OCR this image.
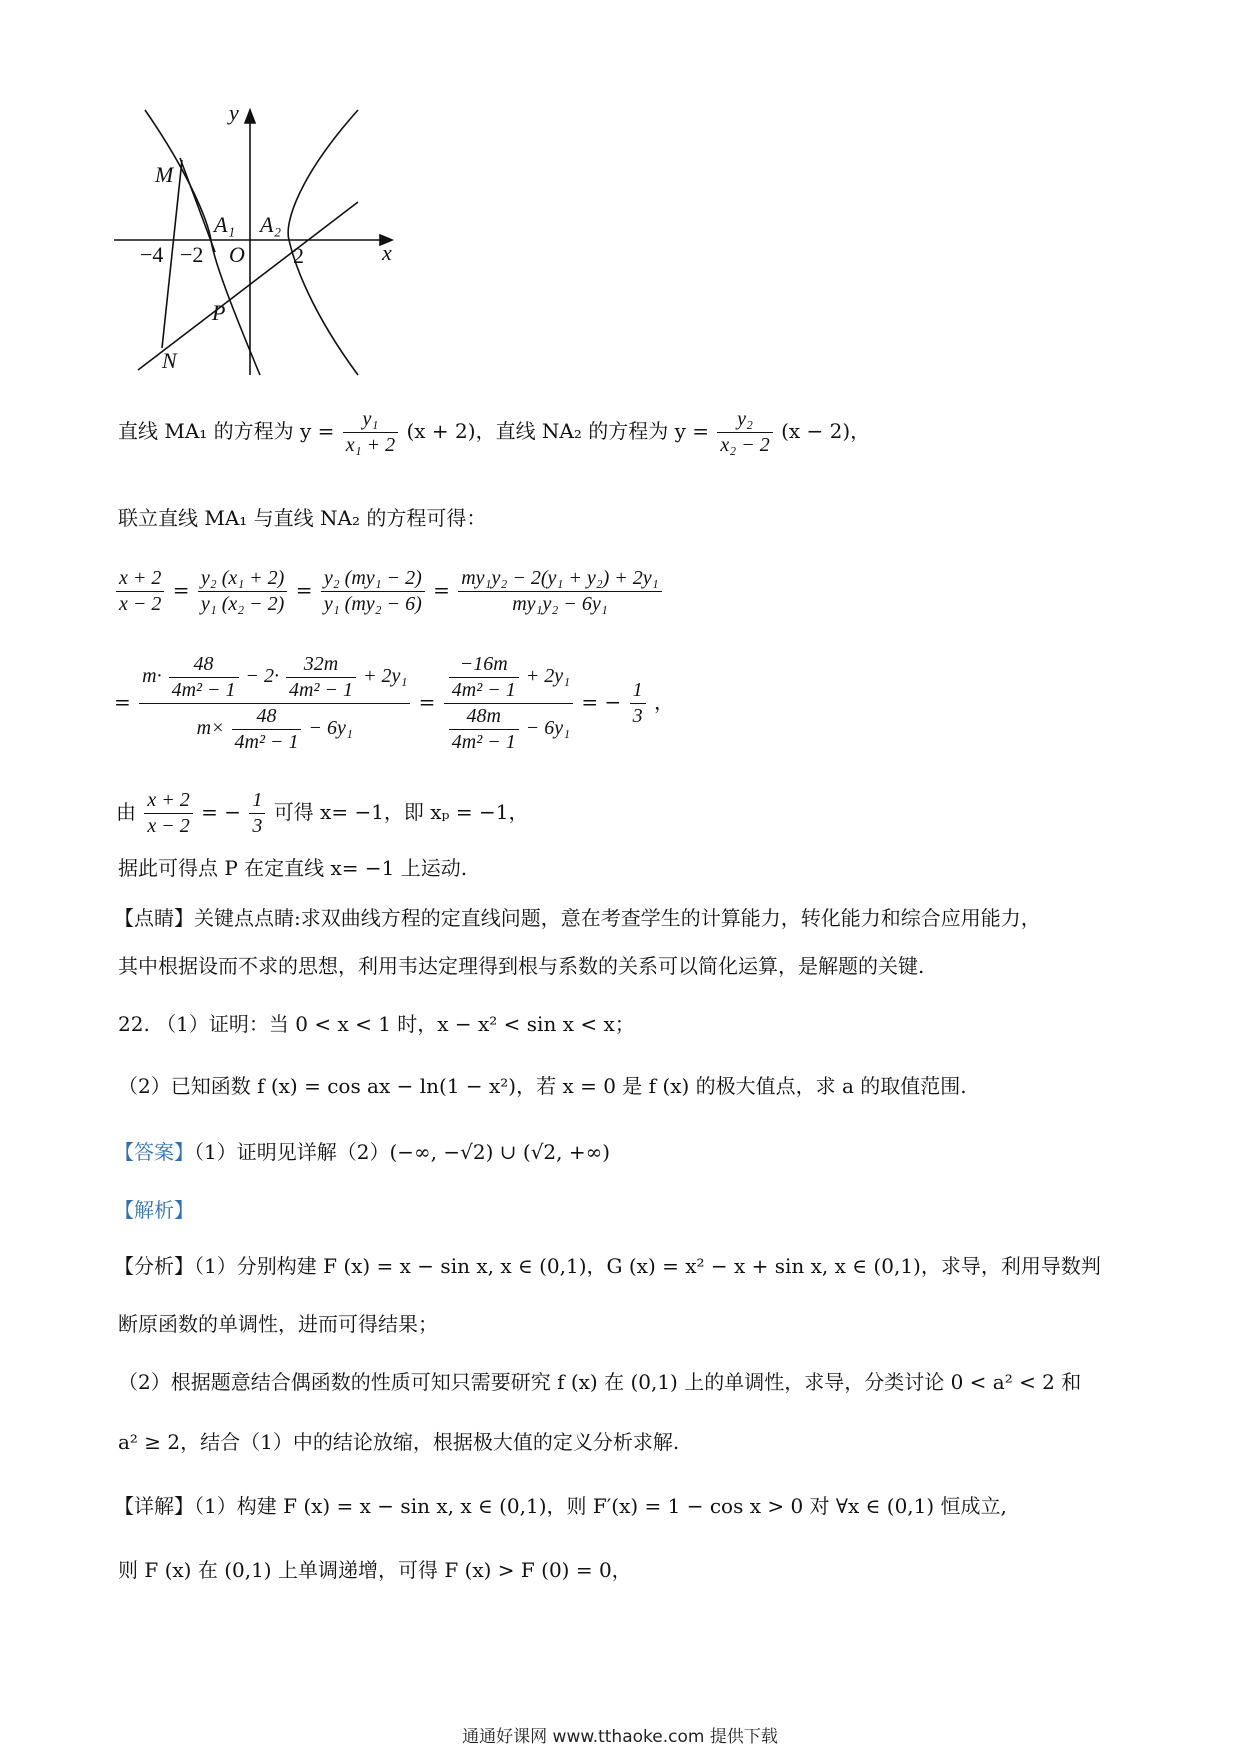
y
x
M
N
P
A₁ A₂
O
−4 −2	2
直线 MA₁ 的方程为 $y = \frac{\text{y₁}}{\text{x₁ + 2}} (x + 2)$，直线 NA₂ 的方程为 $y = \frac{\text{y₂}}{\text{x₂ − 2}} (x - 2)$，
联立直线 MA₁ 与直线 NA₂ 的方程可得：
$\frac{x + 2}{x - 2} = \frac{\text{y₂ (x₁ + 2)}}{\text{y₁ (x₂ − 2)}} = \frac{\text{y₂ (my₁ − 2)}}{\text{y₁ (my₂ − 6)}} = \frac{\text{my₁y₂ − 2(y₁ + y₂) + 2y₁}}{\text{my₁y₂ − 6y₁}}$
=
$m\cdot \frac{48}{\text{4m² − 1}} - 2\cdot \frac{32m}{\text{4m² − 1}} + 2y_1$
$m\times \frac{48}{\text{4m² − 1}} - 6y_1$
= $\frac{\frac{-16m}{\text{4m² − 1}} + 2y_1}{\frac{48m}{\text{4m² − 1}} - 6y_1}$ = − $\frac{1}{3}$ ，
由 $\frac{x + 2}{x - 2}$ = − $\frac{1}{3}$ 可得 x= −1，即 xₚ = −1，
据此可得点 P 在定直线 x= −1 上运动.
【点睛】关键点点睛:求双曲线方程的定直线问题，意在考查学生的计算能力，转化能力和综合应用能力，
其中根据设而不求的思想，利用韦达定理得到根与系数的关系可以简化运算，是解题的关键.
22. （1）证明：当 0 < x < 1 时，x − x² < sin x < x；
（2）已知函数 f (x) = cos ax − ln(1 − x²)，若 x = 0 是 f (x) 的极大值点，求 a 的取值范围.
【答案】（1）证明见详解（2）(−∞, −√2) ∪ (√2, +∞)
【解析】
【分析】（1）分别构建 F (x) = x − sin x, x ∈ (0,1)，G (x) = x² − x + sin x, x ∈ (0,1)，求导，利用导数判
断原函数的单调性，进而可得结果；
（2）根据题意结合偶函数的性质可知只需要研究 f (x) 在 (0,1) 上的单调性，求导，分类讨论 0 < a² < 2 和
a² ≥ 2，结合（1）中的结论放缩，根据极大值的定义分析求解.
【详解】（1）构建 F (x) = x − sin x, x ∈ (0,1)，则 F′(x) = 1 − cos x > 0 对 ∀x ∈ (0,1) 恒成立,
则 F (x) 在 (0,1) 上单调递增，可得 F (x) > F (0) = 0，
通通好课网 www.tthaoke.com 提供下载
